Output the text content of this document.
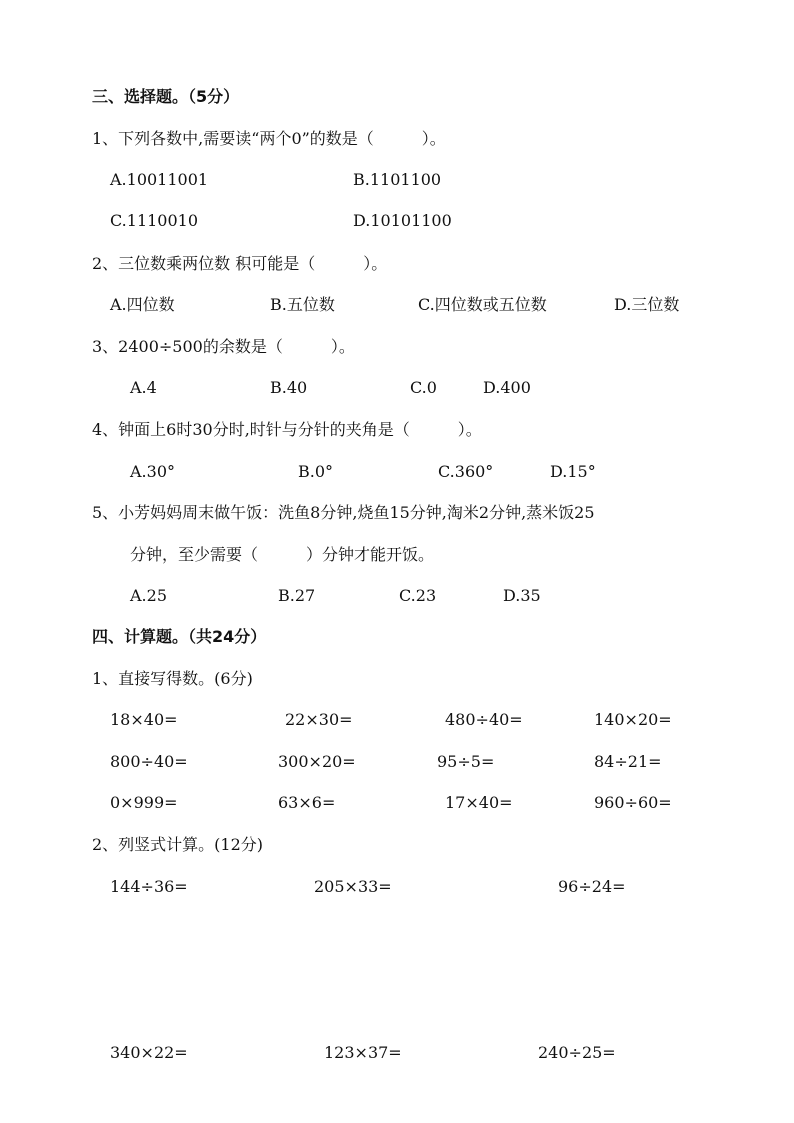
三、选择题。（5分）
1、下列各数中,需要读“两个0”的数是（　　　）。
A.10011001	B.1101100
C.1110010	D.10101100
2、三位数乘两位数 积可能是（　　　）。
A.四位数	B.五位数	C.四位数或五位数	D.三位数
3、2400÷500的余数是（　　　）。
A.4	B.40	C.0	D.400
4、钟面上6时30分时,时针与分针的夹角是（　　　）。
A.30°	B.0°	C.360°	D.15°
5、小芳妈妈周末做午饭：洗鱼8分钟,烧鱼15分钟,淘米2分钟,蒸米饭25
分钟，至少需要（　　　）分钟才能开饭。
A.25	B.27	C.23	D.35
四、计算题。（共24分）
1、直接写得数。(6分)
18×40=	22×30=	480÷40=	140×20=
800÷40=	300×20=	95÷5=	84÷21=
0×999=	63×6=	17×40=	960÷60=
2、列竖式计算。(12分)
144÷36=	205×33=	96÷24=
340×22=	123×37=	240÷25=
